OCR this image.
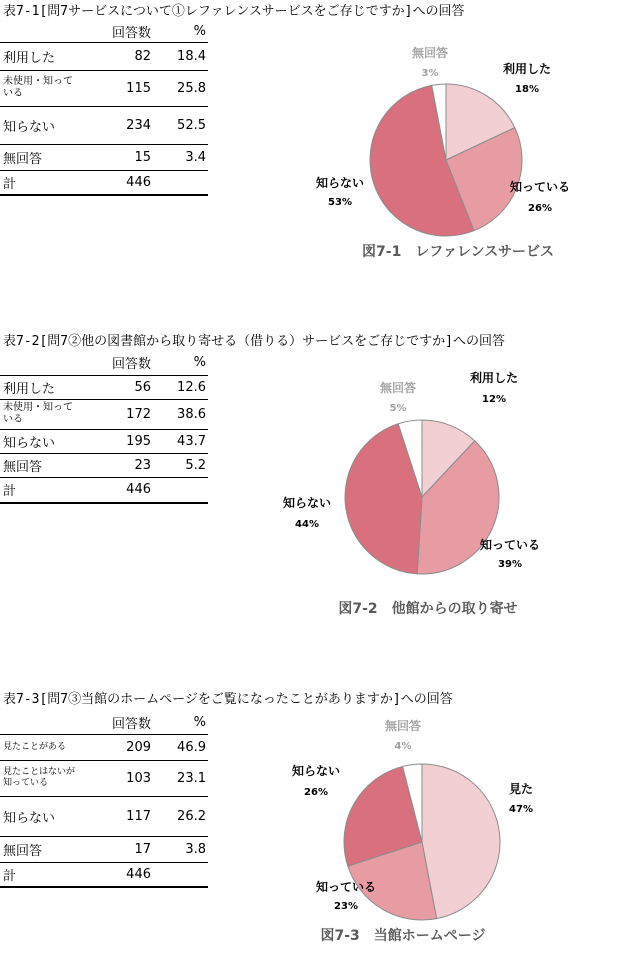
表7-1[問7サービスについて①レファレンスサービスをご存じですか]への回答
	回答数	%
利用した	82	18.4
未使用・知っている	115	25.8
知らない	234	52.5
無回答	15	3.4
計	446	
利用した
18%
知っている
26%
知らない
53%
無回答
3%
図7-1　レファレンスサービス
表7-2[問7②他の図書館から取り寄せる（借りる）サービスをご存じですか]への回答
	回答数	%
利用した	56	12.6
未使用・知っている	172	38.6
知らない	195	43.7
無回答	23	5.2
計	446	
利用した
12%
知っている
39%
知らない
44%
無回答
5%
図7-2　他館からの取り寄せ
表7-3[問7③当館のホームページをご覧になったことがありますか]への回答
	回答数	%
見たことがある	209	46.9
見たことはないが知っている	103	23.1
知らない	117	26.2
無回答	17	3.8
計	446	
見た
47%
知っている
23%
知らない
26%
無回答
4%
図7-3　当館ホームページ
